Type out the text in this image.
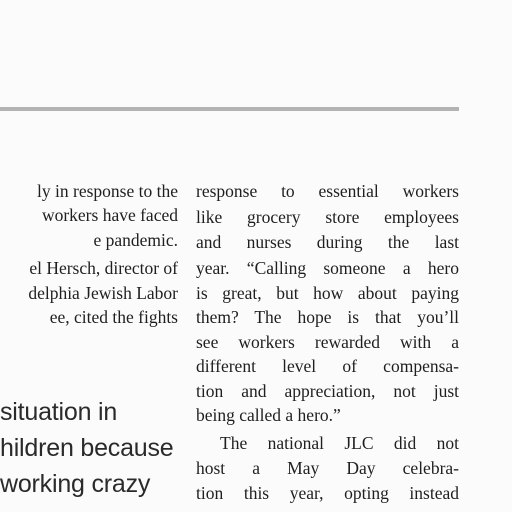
ly in response to the
workers have faced
e pandemic.
el Hersch, director of
delphia Jewish Labor
ee, cited the fights
situation in
hildren because
working crazy
response to essential workers
like grocery store employees
and nurses during the last
year. “Calling someone a hero
is great, but how about paying
them? The hope is that you’ll
see workers rewarded with a
different level of compensa-
tion and appreciation, not just
being called a hero.”
The national JLC did not
host a May Day celebra-
tion this year, opting instead
